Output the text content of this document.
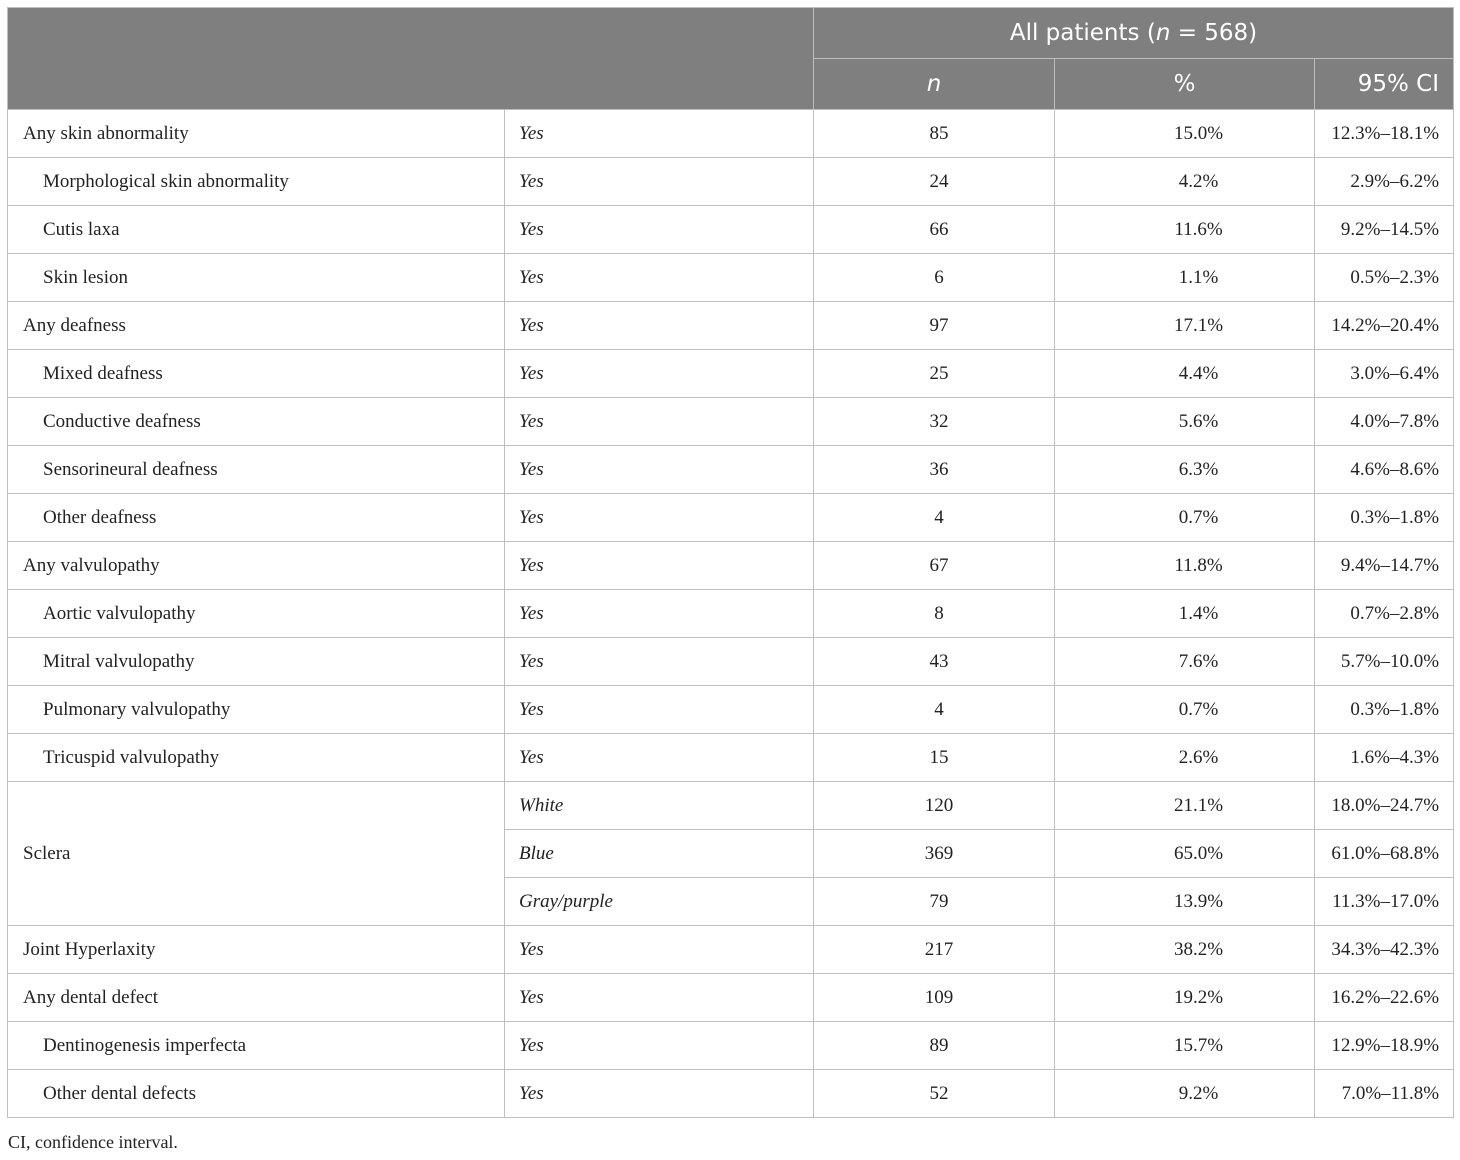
		All patients (n = 568)		
		n	%	95% CI
Any skin abnormality	Yes	85	15.0%	12.3%–18.1%
Morphological skin abnormality	Yes	24	4.2%	2.9%–6.2%
Cutis laxa	Yes	66	11.6%	9.2%–14.5%
Skin lesion	Yes	6	1.1%	0.5%–2.3%
Any deafness	Yes	97	17.1%	14.2%–20.4%
Mixed deafness	Yes	25	4.4%	3.0%–6.4%
Conductive deafness	Yes	32	5.6%	4.0%–7.8%
Sensorineural deafness	Yes	36	6.3%	4.6%–8.6%
Other deafness	Yes	4	0.7%	0.3%–1.8%
Any valvulopathy	Yes	67	11.8%	9.4%–14.7%
Aortic valvulopathy	Yes	8	1.4%	0.7%–2.8%
Mitral valvulopathy	Yes	43	7.6%	5.7%–10.0%
Pulmonary valvulopathy	Yes	4	0.7%	0.3%–1.8%
Tricuspid valvulopathy	Yes	15	2.6%	1.6%–4.3%
Sclera	White	120	21.1%	18.0%–24.7%
	Blue	369	65.0%	61.0%–68.8%
	Gray/purple	79	13.9%	11.3%–17.0%
Joint Hyperlaxity	Yes	217	38.2%	34.3%–42.3%
Any dental defect	Yes	109	19.2%	16.2%–22.6%
Dentinogenesis imperfecta	Yes	89	15.7%	12.9%–18.9%
Other dental defects	Yes	52	9.2%	7.0%–11.8%
CI, confidence interval.
